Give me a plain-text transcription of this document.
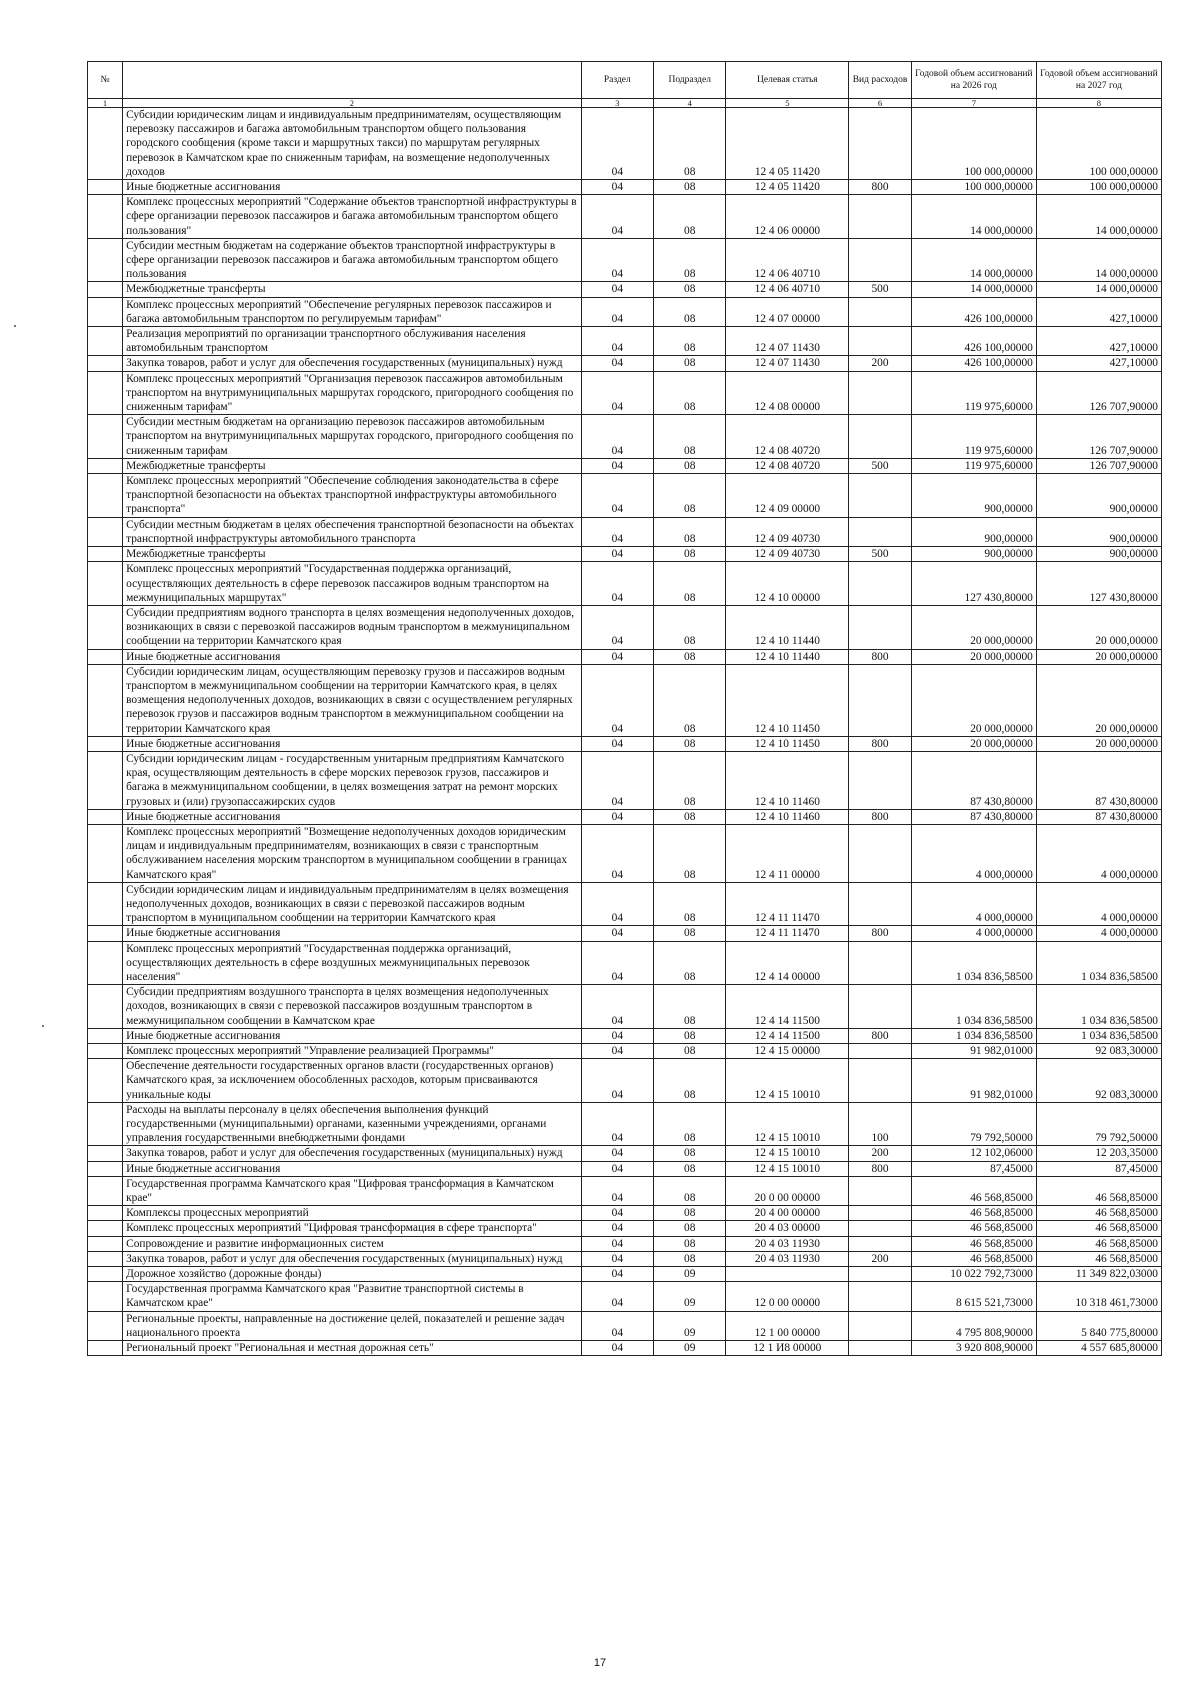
№		Раздел	Подраздел	Целевая статья	Вид расходов	Годовой объем ассигнований на 2026 год	Годовой объем ассигнований на 2027 год
1	2	3	4	5	6	7	8
	Субсидии юридическим лицам и индивидуальным предпринимателям, осуществляющим перевозку пассажиров и багажа автомобильным транспортом общего пользования городского сообщения (кроме такси и маршрутных такси) по маршрутам регулярных перевозок в Камчатском крае по сниженным тарифам, на возмещение недополученных доходов	04	08	12 4 05 11420		100 000,00000	100 000,00000
	Иные бюджетные ассигнования	04	08	12 4 05 11420	800	100 000,00000	100 000,00000
	Комплекс процессных мероприятий "Содержание объектов транспортной инфраструктуры в сфере организации перевозок пассажиров и багажа автомобильным транспортом общего пользования"	04	08	12 4 06 00000		14 000,00000	14 000,00000
	Субсидии местным бюджетам на содержание объектов транспортной инфраструктуры в сфере организации перевозок пассажиров и багажа автомобильным транспортом общего пользования	04	08	12 4 06 40710		14 000,00000	14 000,00000
	Межбюджетные трансферты	04	08	12 4 06 40710	500	14 000,00000	14 000,00000
	Комплекс процессных мероприятий "Обеспечение регулярных перевозок пассажиров и багажа автомобильным транспортом по регулируемым тарифам"	04	08	12 4 07 00000		426 100,00000	427,10000
	Реализация мероприятий по организации транспортного обслуживания населения автомобильным транспортом	04	08	12 4 07 11430		426 100,00000	427,10000
	Закупка товаров, работ и услуг для обеспечения государственных (муниципальных) нужд	04	08	12 4 07 11430	200	426 100,00000	427,10000
	Комплекс процессных мероприятий "Организация перевозок пассажиров автомобильным транспортом на внутримуниципальных маршрутах городского, пригородного сообщения по сниженным тарифам"	04	08	12 4 08 00000		119 975,60000	126 707,90000
	Субсидии местным бюджетам на организацию перевозок пассажиров автомобильным транспортом на внутримуниципальных маршрутах городского, пригородного сообщения по сниженным тарифам	04	08	12 4 08 40720		119 975,60000	126 707,90000
	Межбюджетные трансферты	04	08	12 4 08 40720	500	119 975,60000	126 707,90000
	Комплекс процессных мероприятий "Обеспечение соблюдения законодательства в сфере транспортной безопасности на объектах транспортной инфраструктуры автомобильного транспорта"	04	08	12 4 09 00000		900,00000	900,00000
	Субсидии местным бюджетам в целях обеспечения транспортной безопасности на объектах транспортной инфраструктуры автомобильного транспорта	04	08	12 4 09 40730		900,00000	900,00000
	Межбюджетные трансферты	04	08	12 4 09 40730	500	900,00000	900,00000
	Комплекс процессных мероприятий "Государственная поддержка организаций, осуществляющих деятельность в сфере перевозок пассажиров водным транспортом на межмуниципальных маршрутах"	04	08	12 4 10 00000		127 430,80000	127 430,80000
	Субсидии предприятиям водного транспорта в целях возмещения недополученных доходов, возникающих в связи с перевозкой пассажиров водным транспортом в межмуниципальном сообщении на территории Камчатского края	04	08	12 4 10 11440		20 000,00000	20 000,00000
	Иные бюджетные ассигнования	04	08	12 4 10 11440	800	20 000,00000	20 000,00000
	Субсидии юридическим лицам, осуществляющим перевозку грузов и пассажиров водным транспортом в межмуниципальном сообщении на территории Камчатского края, в целях возмещения недополученных доходов, возникающих в связи с осуществлением регулярных перевозок грузов и пассажиров водным транспортом в межмуниципальном сообщении на территории Камчатского края	04	08	12 4 10 11450		20 000,00000	20 000,00000
	Иные бюджетные ассигнования	04	08	12 4 10 11450	800	20 000,00000	20 000,00000
	Субсидии юридическим лицам - государственным унитарным предприятиям Камчатского края, осуществляющим деятельность в сфере морских перевозок грузов, пассажиров и багажа в межмуниципальном сообщении, в целях возмещения затрат на ремонт морских грузовых и (или) грузопассажирских судов	04	08	12 4 10 11460		87 430,80000	87 430,80000
	Иные бюджетные ассигнования	04	08	12 4 10 11460	800	87 430,80000	87 430,80000
	Комплекс процессных мероприятий "Возмещение недополученных доходов юридическим лицам и индивидуальным предпринимателям, возникающих в связи с транспортным обслуживанием населения морским транспортом в муниципальном сообщении в границах Камчатского края"	04	08	12 4 11 00000		4 000,00000	4 000,00000
	Субсидии юридическим лицам и индивидуальным предпринимателям в целях возмещения недополученных доходов, возникающих в связи с перевозкой пассажиров водным транспортом в муниципальном сообщении на территории Камчатского края	04	08	12 4 11 11470		4 000,00000	4 000,00000
	Иные бюджетные ассигнования	04	08	12 4 11 11470	800	4 000,00000	4 000,00000
	Комплекс процессных мероприятий "Государственная поддержка организаций, осуществляющих деятельность в сфере воздушных межмуниципальных перевозок населения"	04	08	12 4 14 00000		1 034 836,58500	1 034 836,58500
	Субсидии предприятиям воздушного транспорта в целях возмещения недополученных доходов, возникающих в связи с перевозкой пассажиров воздушным транспортом в межмуниципальном сообщении в Камчатском крае	04	08	12 4 14 11500		1 034 836,58500	1 034 836,58500
	Иные бюджетные ассигнования	04	08	12 4 14 11500	800	1 034 836,58500	1 034 836,58500
	Комплекс процессных мероприятий "Управление реализацией Программы"	04	08	12 4 15 00000		91 982,01000	92 083,30000
	Обеспечение деятельности государственных органов власти (государственных органов) Камчатского края, за исключением обособленных расходов, которым присваиваются уникальные коды	04	08	12 4 15 10010		91 982,01000	92 083,30000
	Расходы на выплаты персоналу в целях обеспечения выполнения функций государственными (муниципальными) органами, казенными учреждениями, органами управления государственными внебюджетными фондами	04	08	12 4 15 10010	100	79 792,50000	79 792,50000
	Закупка товаров, работ и услуг для обеспечения государственных (муниципальных) нужд	04	08	12 4 15 10010	200	12 102,06000	12 203,35000
	Иные бюджетные ассигнования	04	08	12 4 15 10010	800	87,45000	87,45000
	Государственная программа Камчатского края "Цифровая трансформация в Камчатском крае"	04	08	20 0 00 00000		46 568,85000	46 568,85000
	Комплексы процессных мероприятий	04	08	20 4 00 00000		46 568,85000	46 568,85000
	Комплекс процессных мероприятий "Цифровая трансформация в сфере транспорта"	04	08	20 4 03 00000		46 568,85000	46 568,85000
	Сопровождение и развитие информационных систем	04	08	20 4 03 11930		46 568,85000	46 568,85000
	Закупка товаров, работ и услуг для обеспечения государственных (муниципальных) нужд	04	08	20 4 03 11930	200	46 568,85000	46 568,85000
	Дорожное хозяйство (дорожные фонды)	04	09			10 022 792,73000	11 349 822,03000
	Государственная программа Камчатского края "Развитие транспортной системы в Камчатском крае"	04	09	12 0 00 00000		8 615 521,73000	10 318 461,73000
	Региональные проекты, направленные на достижение целей, показателей и решение задач национального проекта	04	09	12 1 00 00000		4 795 808,90000	5 840 775,80000
	Региональный проект "Региональная и местная дорожная сеть"	04	09	12 1 И8 00000		3 920 808,90000	4 557 685,80000
17
